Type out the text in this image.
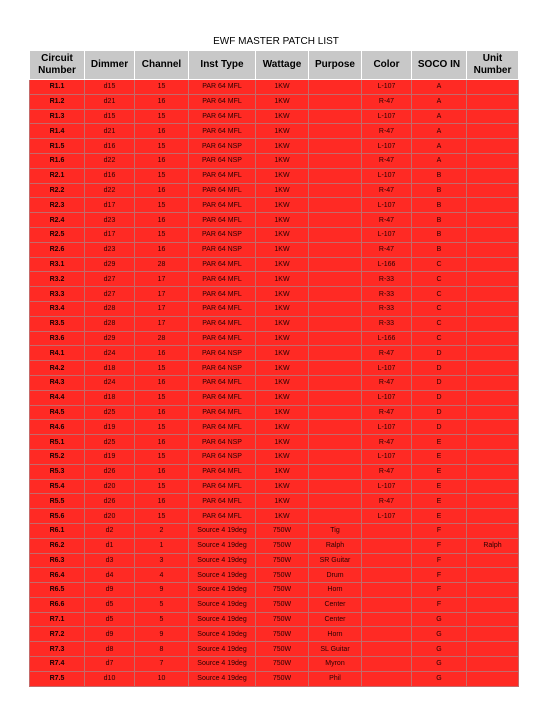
EWF MASTER PATCH LIST
Circuit
Number	Dimmer	Channel	Inst Type	Wattage	Purpose	Color	SOCO IN	Unit
Number
R1.1	d15	15	PAR 64 MFL	1KW		L-107	A	
R1.2	d21	16	PAR 64 MFL	1KW		R-47	A	
R1.3	d15	15	PAR 64 MFL	1KW		L-107	A	
R1.4	d21	16	PAR 64 MFL	1KW		R-47	A	
R1.5	d16	15	PAR 64 NSP	1KW		L-107	A	
R1.6	d22	16	PAR 64 NSP	1KW		R-47	A	
R2.1	d16	15	PAR 64 MFL	1KW		L-107	B	
R2.2	d22	16	PAR 64 MFL	1KW		R-47	B	
R2.3	d17	15	PAR 64 MFL	1KW		L-107	B	
R2.4	d23	16	PAR 64 MFL	1KW		R-47	B	
R2.5	d17	15	PAR 64 NSP	1KW		L-107	B	
R2.6	d23	16	PAR 64 NSP	1KW		R-47	B	
R3.1	d29	28	PAR 64 MFL	1KW		L-166	C	
R3.2	d27	17	PAR 64 MFL	1KW		R-33	C	
R3.3	d27	17	PAR 64 MFL	1KW		R-33	C	
R3.4	d28	17	PAR 64 MFL	1KW		R-33	C	
R3.5	d28	17	PAR 64 MFL	1KW		R-33	C	
R3.6	d29	28	PAR 64 MFL	1KW		L-166	C	
R4.1	d24	16	PAR 64 NSP	1KW		R-47	D	
R4.2	d18	15	PAR 64 NSP	1KW		L-107	D	
R4.3	d24	16	PAR 64 MFL	1KW		R-47	D	
R4.4	d18	15	PAR 64 MFL	1KW		L-107	D	
R4.5	d25	16	PAR 64 MFL	1KW		R-47	D	
R4.6	d19	15	PAR 64 MFL	1KW		L-107	D	
R5.1	d25	16	PAR 64 NSP	1KW		R-47	E	
R5.2	d19	15	PAR 64 NSP	1KW		L-107	E	
R5.3	d26	16	PAR 64 MFL	1KW		R-47	E	
R5.4	d20	15	PAR 64 MFL	1KW		L-107	E	
R5.5	d26	16	PAR 64 MFL	1KW		R-47	E	
R5.6	d20	15	PAR 64 MFL	1KW		L-107	E	
R6.1	d2	2	Source 4 19deg	750W	Tig		F	
R6.2	d1	1	Source 4 19deg	750W	Ralph		F	Ralph
R6.3	d3	3	Source 4 19deg	750W	SR Guitar		F	
R6.4	d4	4	Source 4 19deg	750W	Drum		F	
R6.5	d9	9	Source 4 19deg	750W	Horn		F	
R6.6	d5	5	Source 4 19deg	750W	Center		F	
R7.1	d5	5	Source 4 19deg	750W	Center		G	
R7.2	d9	9	Source 4 19deg	750W	Horn		G	
R7.3	d8	8	Source 4 19deg	750W	SL Guitar		G	
R7.4	d7	7	Source 4 19deg	750W	Myron		G	
R7.5	d10	10	Source 4 19deg	750W	Phil		G	
